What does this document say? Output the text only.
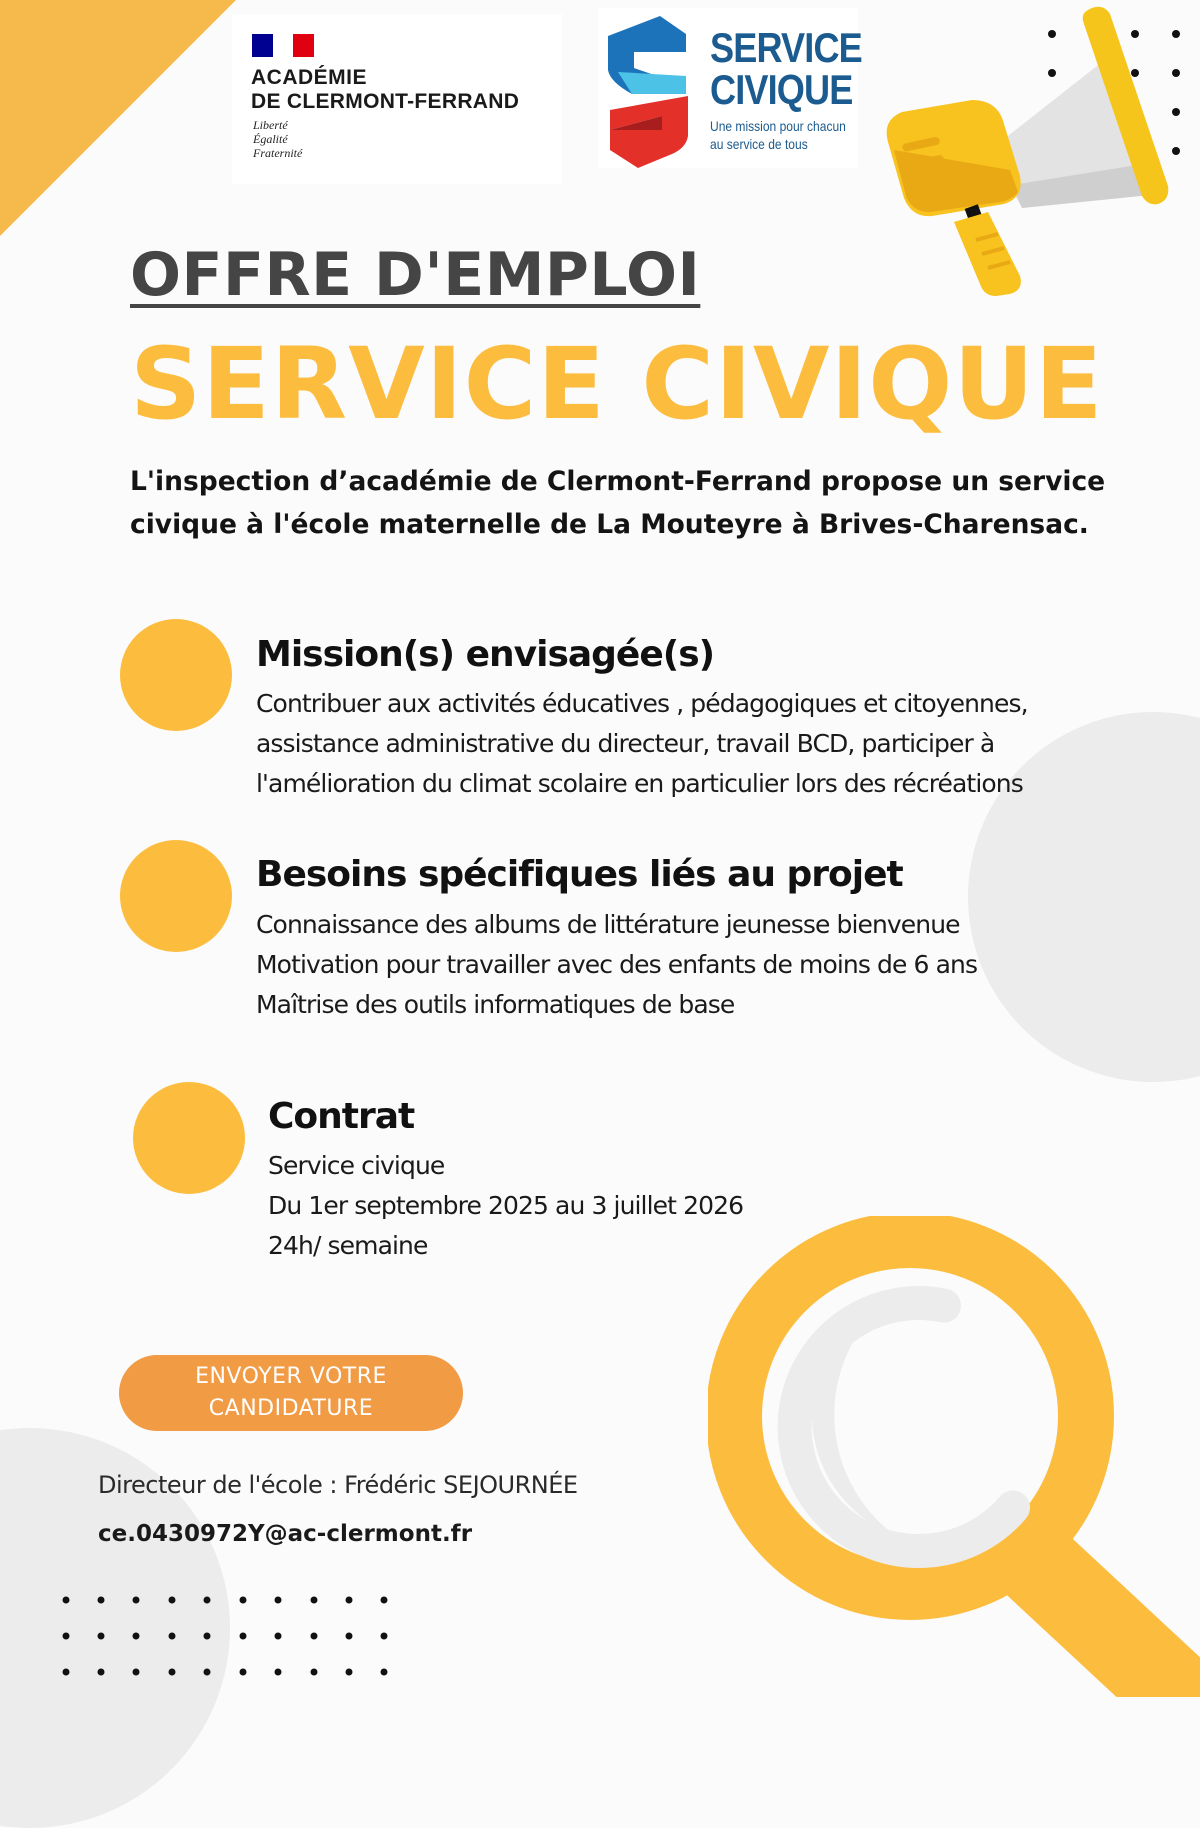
ACADÉMIE
DE CLERMONT-FERRAND
Liberté
Égalité
Fraternité
SERVICE
CIVIQUE
Une mission pour chacun
au service de tous
OFFRE D'EMPLOI
SERVICE CIVIQUE
L'inspection d’académie de Clermont-Ferrand propose un service
civique à l'école maternelle de La Mouteyre à Brives-Charensac.
Mission(s) envisagée(s)
Contribuer aux activités éducatives , pédagogiques et citoyennes,
assistance administrative du directeur, travail BCD, participer à
l'amélioration du climat scolaire en particulier lors des récréations
Besoins spécifiques liés au projet
Connaissance des albums de littérature jeunesse bienvenue
Motivation pour travailler avec des enfants de moins de 6 ans
Maîtrise des outils informatiques de base
Contrat
Service civique
Du 1er septembre 2025 au 3 juillet 2026
24h/ semaine
ENVOYER VOTRE
CANDIDATURE
Directeur de l'école : Frédéric SEJOURNÉE
ce.0430972Y@ac-clermont.fr
